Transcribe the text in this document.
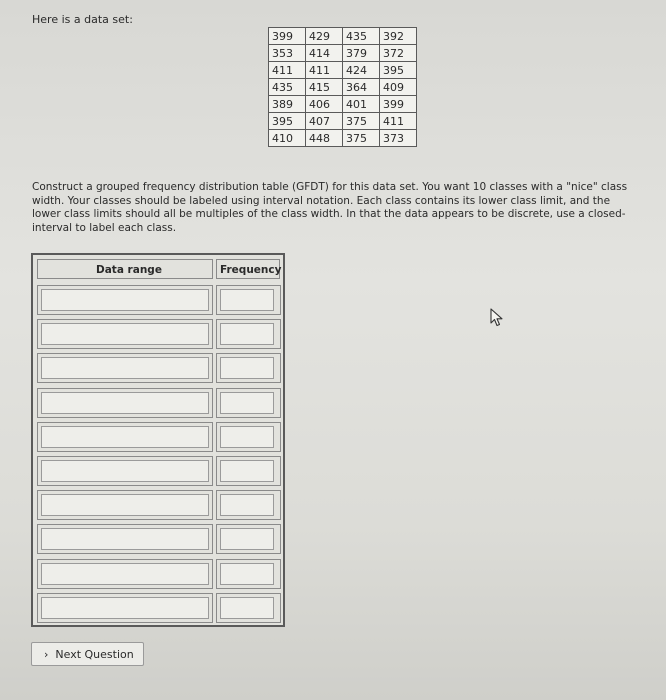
Here is a data set:
399	429	435	392
353	414	379	372
411	411	424	395
435	415	364	409
389	406	401	399
395	407	375	411
410	448	375	373
Construct a grouped frequency distribution table (GFDT) for this data set. You want 10 classes with a "nice" class width. Your classes should be labeled using interval notation. Each class contains its lower class limit, and the lower class limits should all be multiples of the class width. In that the data appears to be discrete, use a closed-interval to label each class.
Data range	Frequency
› Next Question
